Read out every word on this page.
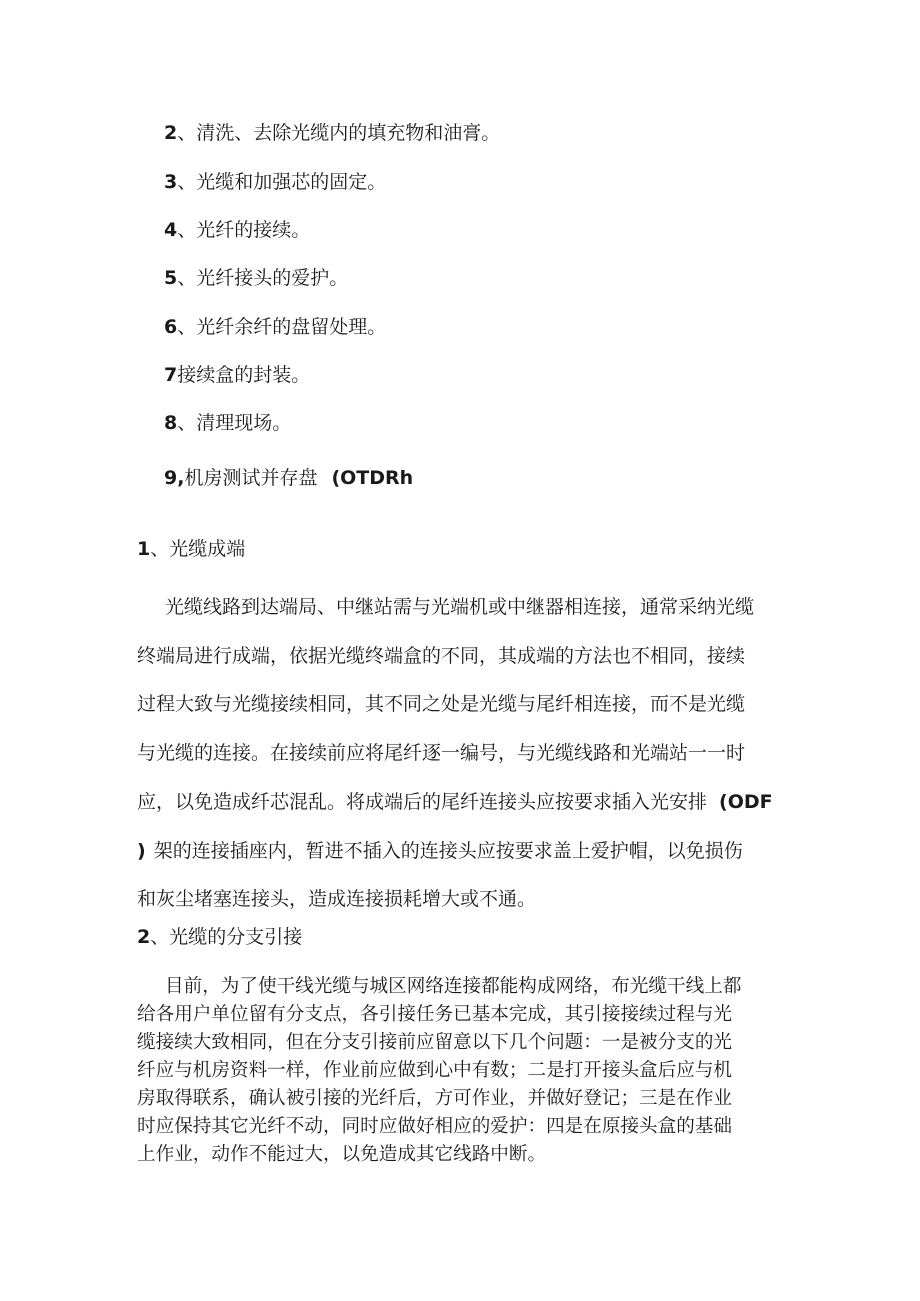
2、清洗、去除光缆内的填充物和油膏。
3、光缆和加强芯的固定。
4、光纤的接续。
5、光纤接头的爱护。
6、光纤余纤的盘留处理。
7接续盒的封装。
8、清理现场。
9,机房测试并存盘 (OTDRh
1、光缆成端
光缆线路到达端局、中继站需与光端机或中继器相连接，通常采纳光缆
终端局进行成端，依据光缆终端盒的不同，其成端的方法也不相同，接续
过程大致与光缆接续相同，其不同之处是光缆与尾纤相连接，而不是光缆
与光缆的连接。在接续前应将尾纤逐一编号，与光缆线路和光端站一一时
应，以免造成纤芯混乱。将成端后的尾纤连接头应按要求插入光安排 (ODF
) 架的连接插座内，暂进不插入的连接头应按要求盖上爱护帽，以免损伤
和灰尘堵塞连接头，造成连接损耗增大或不通。
2、光缆的分支引接
目前，为了使干线光缆与城区网络连接都能构成网络，布光缆干线上都
给各用户单位留有分支点，各引接任务已基本完成，其引接接续过程与光
缆接续大致相同，但在分支引接前应留意以下几个问题：一是被分支的光
纤应与机房资料一样，作业前应做到心中有数；二是打开接头盒后应与机
房取得联系，确认被引接的光纤后，方可作业，并做好登记；三是在作业
时应保持其它光纤不动，同时应做好相应的爱护：四是在原接头盒的基础
上作业，动作不能过大，以免造成其它线路中断。
